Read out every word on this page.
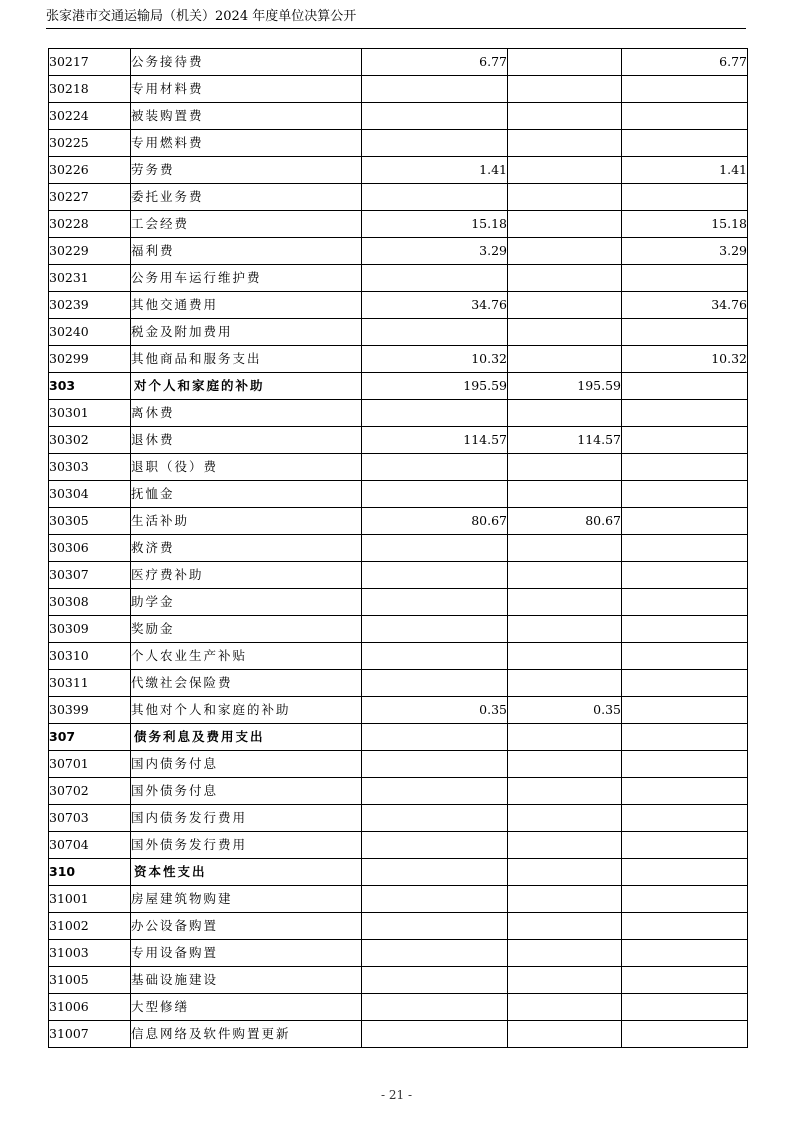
张家港市交通运输局（机关）2024 年度单位决算公开
30217	公务接待费	6.77		6.77
30218	专用材料费			
30224	被装购置费			
30225	专用燃料费			
30226	劳务费	1.41		1.41
30227	委托业务费			
30228	工会经费	15.18		15.18
30229	福利费	3.29		3.29
30231	公务用车运行维护费			
30239	其他交通费用	34.76		34.76
30240	税金及附加费用			
30299	其他商品和服务支出	10.32		10.32
303	对个人和家庭的补助	195.59	195.59	
30301	离休费			
30302	退休费	114.57	114.57	
30303	退职（役）费			
30304	抚恤金			
30305	生活补助	80.67	80.67	
30306	救济费			
30307	医疗费补助			
30308	助学金			
30309	奖励金			
30310	个人农业生产补贴			
30311	代缴社会保险费			
30399	其他对个人和家庭的补助	0.35	0.35	
307	债务利息及费用支出			
30701	国内债务付息			
30702	国外债务付息			
30703	国内债务发行费用			
30704	国外债务发行费用			
310	资本性支出			
31001	房屋建筑物购建			
31002	办公设备购置			
31003	专用设备购置			
31005	基础设施建设			
31006	大型修缮			
31007	信息网络及软件购置更新			
- 21 -
